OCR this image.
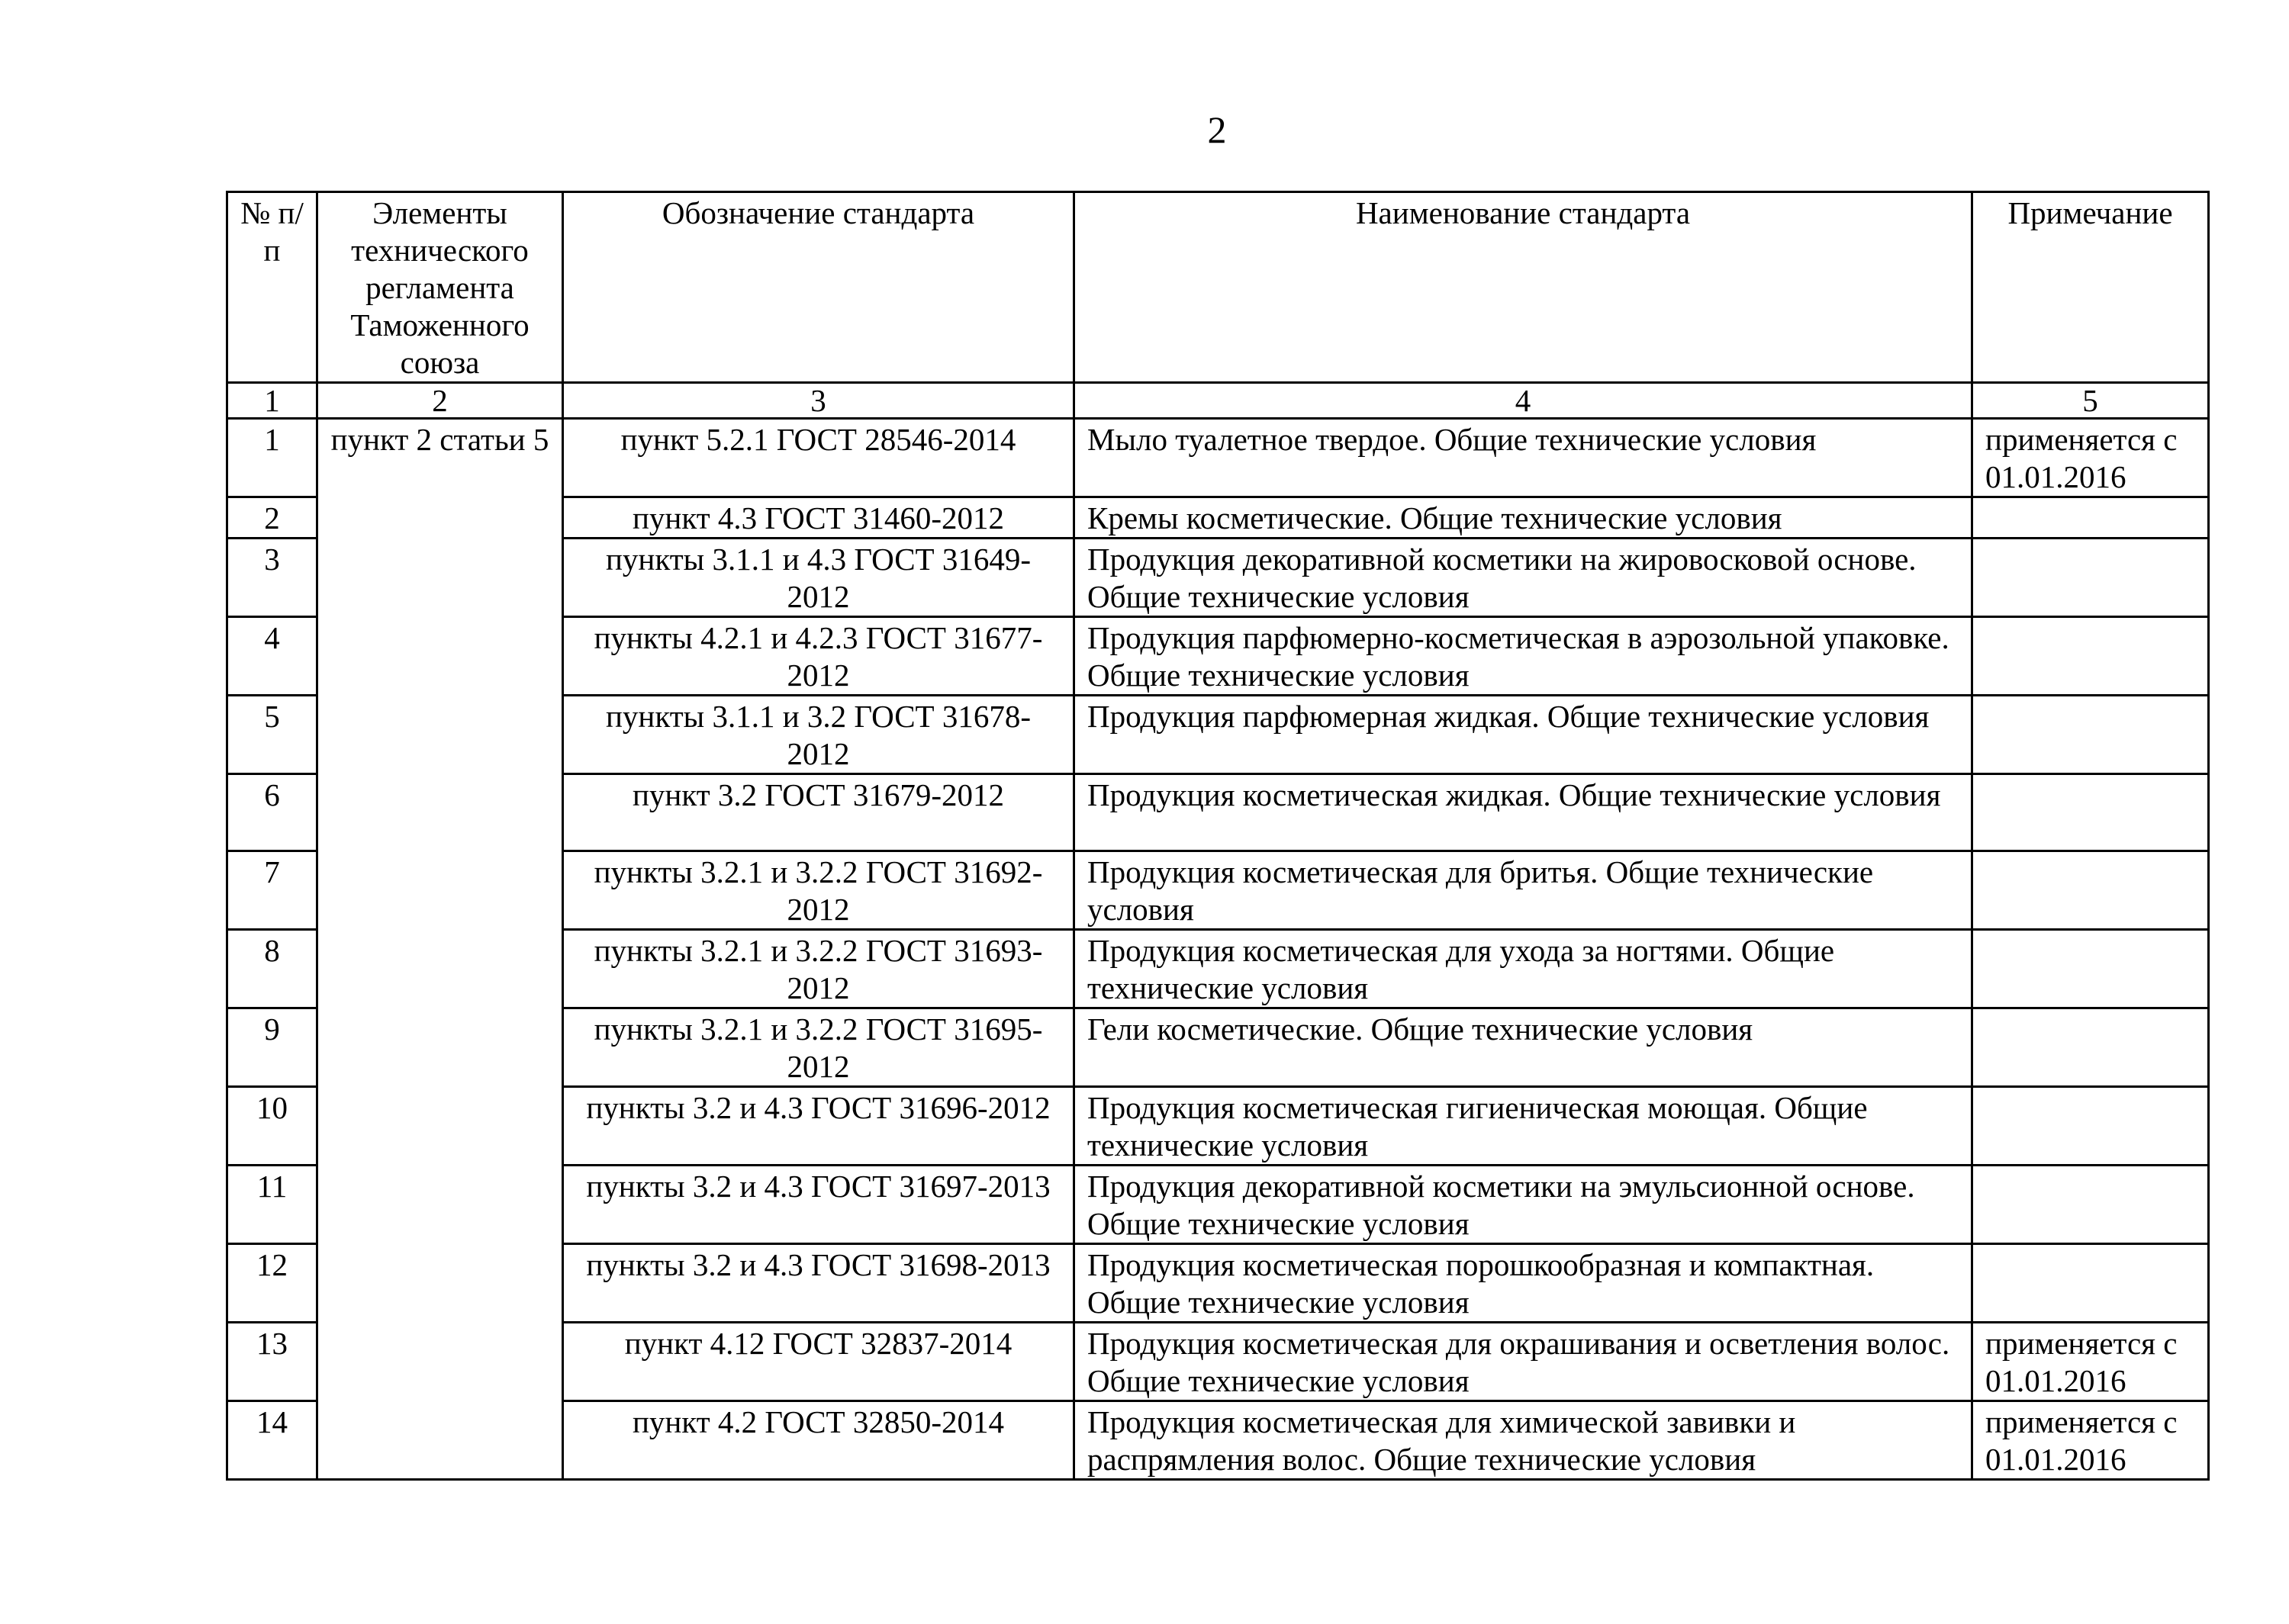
2
№ п/п	Элементы технического регламента Таможенного союза	Обозначение стандарта	Наименование стандарта	Примечание
1	2	3	4	5
1	пункт 2 статьи 5	пункт 5.2.1 ГОСТ 28546-2014	Мыло туалетное твердое. Общие технические условия	применяется с 01.01.2016
2		пункт 4.3 ГОСТ 31460-2012	Кремы косметические. Общие технические условия	
3		пункты 3.1.1 и 4.3 ГОСТ 31649-2012	Продукция декоративной косметики на жировосковой основе. Общие технические условия	
4		пункты 4.2.1 и 4.2.3 ГОСТ 31677-2012	Продукция парфюмерно-косметическая в аэрозольной упаковке. Общие технические условия	
5		пункты 3.1.1 и 3.2 ГОСТ 31678-2012	Продукция парфюмерная жидкая. Общие технические условия	
6		пункт 3.2 ГОСТ 31679-2012	Продукция косметическая жидкая. Общие технические условия	
7		пункты 3.2.1 и 3.2.2 ГОСТ 31692-2012	Продукция косметическая для бритья. Общие технические условия	
8		пункты 3.2.1 и 3.2.2 ГОСТ 31693-2012	Продукция косметическая для ухода за ногтями. Общие технические условия	
9		пункты 3.2.1 и 3.2.2 ГОСТ 31695-2012	Гели косметические. Общие технические условия	
10		пункты 3.2 и 4.3 ГОСТ 31696-2012	Продукция косметическая гигиеническая моющая. Общие технические условия	
11		пункты 3.2 и 4.3 ГОСТ 31697-2013	Продукция декоративной косметики на эмульсионной основе. Общие технические условия	
12		пункты 3.2 и 4.3 ГОСТ 31698-2013	Продукция косметическая порошкообразная и компактная. Общие технические условия	
13		пункт 4.12 ГОСТ 32837-2014	Продукция косметическая для окрашивания и осветления волос. Общие технические условия	применяется с 01.01.2016
14		пункт 4.2 ГОСТ 32850-2014	Продукция косметическая для химической завивки и распрямления волос. Общие технические условия	применяется с 01.01.2016
